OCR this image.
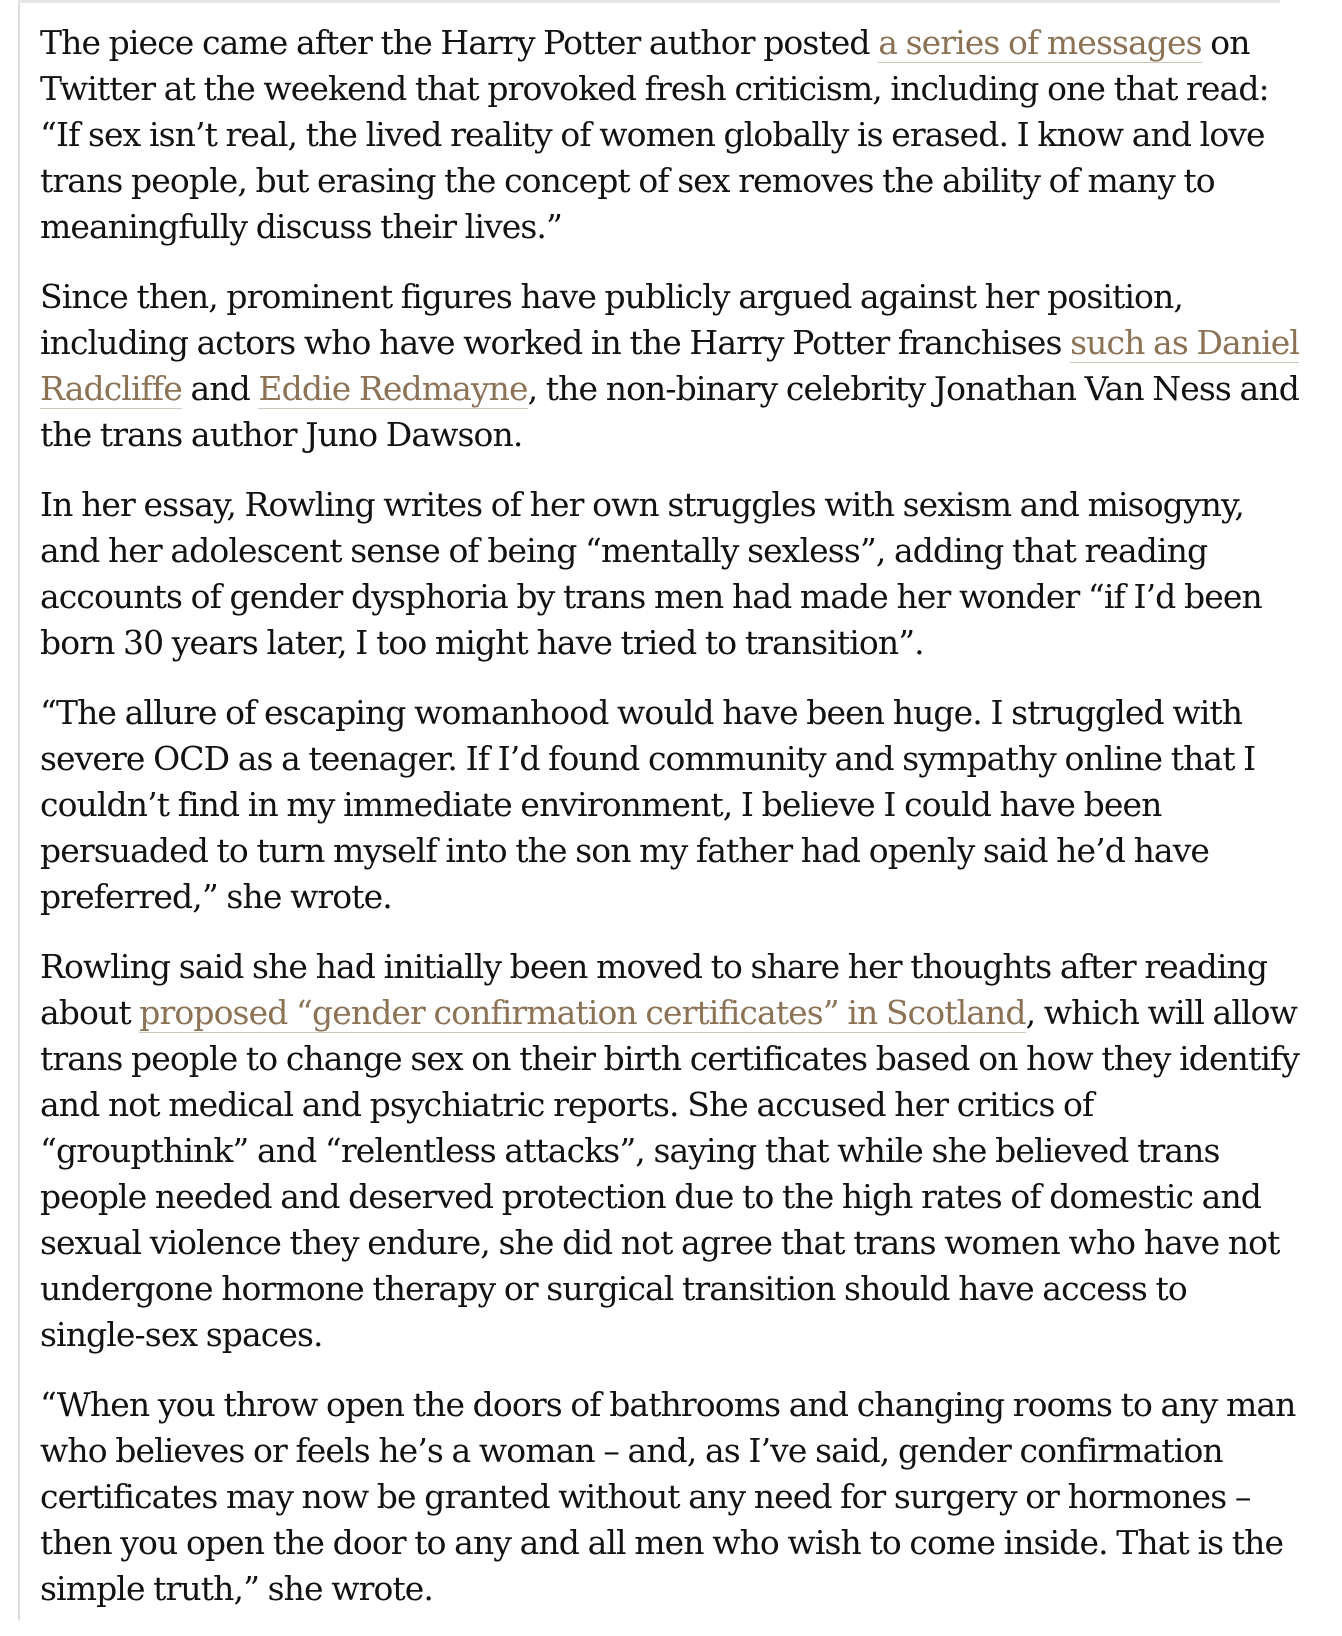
The piece came after the Harry Potter author posted a series of messages on Twitter at the weekend that provoked fresh criticism, including one that read: “If sex isn’t real, the lived reality of women globally is erased. I know and love trans people, but erasing the concept of sex removes the ability of many to meaningfully discuss their lives.”

Since then, prominent figures have publicly argued against her position, including actors who have worked in the Harry Potter franchises such as Daniel Radcliffe and Eddie Redmayne, the non-binary celebrity Jonathan Van Ness and the trans author Juno Dawson.

In her essay, Rowling writes of her own struggles with sexism and misogyny, and her adolescent sense of being “mentally sexless”, adding that reading accounts of gender dysphoria by trans men had made her wonder “if I’d been born 30 years later, I too might have tried to transition”.

“The allure of escaping womanhood would have been huge. I struggled with severe OCD as a teenager. If I’d found community and sympathy online that I couldn’t find in my immediate environment, I believe I could have been persuaded to turn myself into the son my father had openly said he’d have preferred,” she wrote.

Rowling said she had initially been moved to share her thoughts after reading about proposed “gender confirmation certificates” in Scotland, which will allow trans people to change sex on their birth certificates based on how they identify and not medical and psychiatric reports. She accused her critics of “groupthink” and “relentless attacks”, saying that while she believed trans people needed and deserved protection due to the high rates of domestic and sexual violence they endure, she did not agree that trans women who have not undergone hormone therapy or surgical transition should have access to single-sex spaces.

“When you throw open the doors of bathrooms and changing rooms to any man who believes or feels he’s a woman – and, as I’ve said, gender confirmation certificates may now be granted without any need for surgery or hormones – then you open the door to any and all men who wish to come inside. That is the simple truth,” she wrote.
